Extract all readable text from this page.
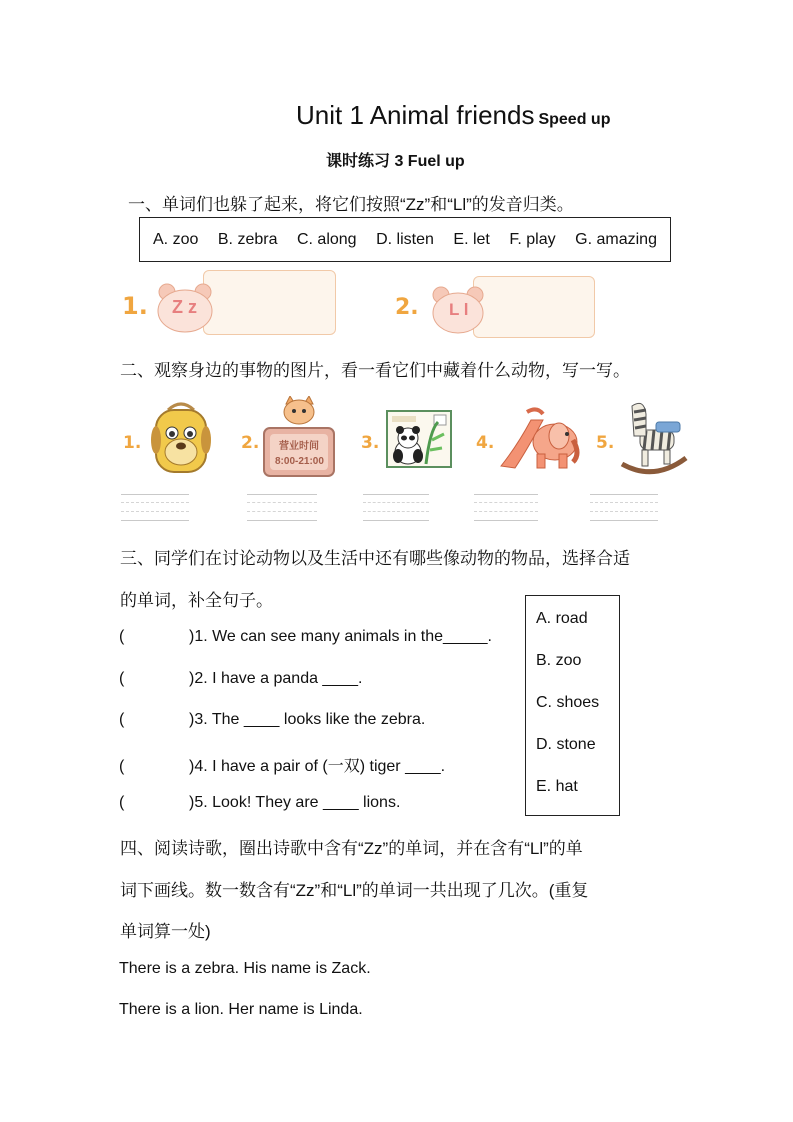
Unit 1 Animal friends Speed up
课时练习 3 Fuel up
一、单词们也躲了起来，将它们按照“Zz”和“Ll”的发音归类。
A. zoo B. zebra C. along D. listen E. let F. play G. amazing
1. Z z	2. L l
二、观察身边的事物的图片，看一看它们中藏着什么动物，写一写。
1.	2. 营业时间
8:00-21:00
3.	4.	5.
三、同学们在讨论动物以及生活中还有哪些像动物的物品，选择合适
的单词，补全句子。
(	)1. We can see many animals in the_____.
(	)2. I have a panda ____.
(	)3. The ____ looks like the zebra.
(	)4. I have a pair of (一双) tiger ____.
(	)5. Look! They are ____ lions.
A. road
B. zoo
C. shoes
D. stone
E. hat
四、阅读诗歌，圈出诗歌中含有“Zz”的单词，并在含有“Ll”的单
词下画线。数一数含有“Zz”和“Ll”的单词一共出现了几次。(重复
单词算一处)
There is a zebra. His name is Zack.
There is a lion. Her name is Linda.
